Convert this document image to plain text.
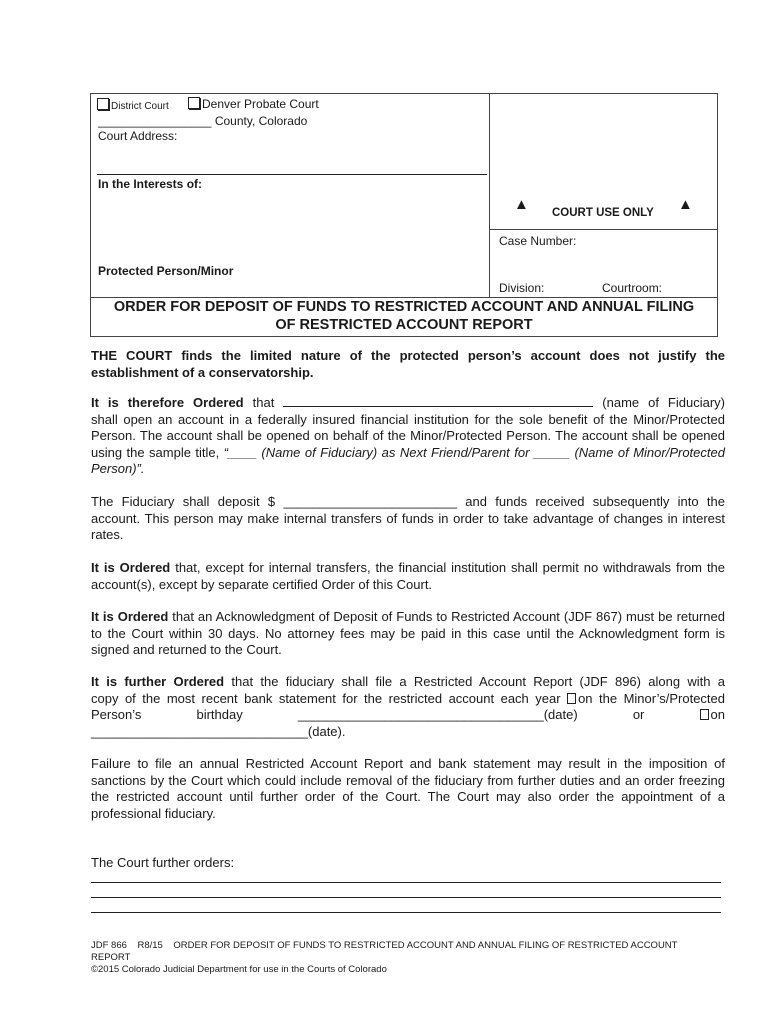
District Court	Denver Probate Court
_________________ County, Colorado
Court Address:
In the Interests of:
Protected Person/Minor
▲ COURT USE ONLY ▲
Case Number:
Division:	Courtroom:
ORDER FOR DEPOSIT OF FUNDS TO RESTRICTED ACCOUNT AND ANNUAL FILING
OF RESTRICTED ACCOUNT REPORT
THE COURT finds the limited nature of the protected person’s account does not justify the establishment of a conservatorship.
It is therefore Ordered that	(name of Fiduciary)
shall open an account in a federally insured financial institution for the sole benefit of the Minor/Protected Person. The account shall be opened on behalf of the Minor/Protected Person. The account shall be opened using the sample title, “____ (Name of Fiduciary) as Next Friend/Parent for _____ (Name of Minor/Protected Person)”.
The Fiduciary shall deposit $ ________________________ and funds received subsequently into the account. This person may make internal transfers of funds in order to take advantage of changes in interest rates.
It is Ordered that, except for internal transfers, the financial institution shall permit no withdrawals from the account(s), except by separate certified Order of this Court.
It is Ordered that an Acknowledgment of Deposit of Funds to Restricted Account (JDF 867) must be returned to the Court within 30 days. No attorney fees may be paid in this case until the Acknowledgment form is signed and returned to the Court.
It is further Ordered that the fiduciary shall file a Restricted Account Report (JDF 896) along with a
copy of the most recent bank statement for the restricted account each year on the Minor’s/Protected
Person’s	birthday	__________________________________(date)	or	on
______________________________(date).
Failure to file an annual Restricted Account Report and bank statement may result in the imposition of sanctions by the Court which could include removal of the fiduciary from further duties and an order freezing the restricted account until further order of the Court. The Court may also order the appointment of a professional fiduciary.
The Court further orders:
JDF 866 R8/15 ORDER FOR DEPOSIT OF FUNDS TO RESTRICTED ACCOUNT AND ANNUAL FILING OF RESTRICTED ACCOUNT
REPORT
©2015 Colorado Judicial Department for use in the Courts of Colorado
